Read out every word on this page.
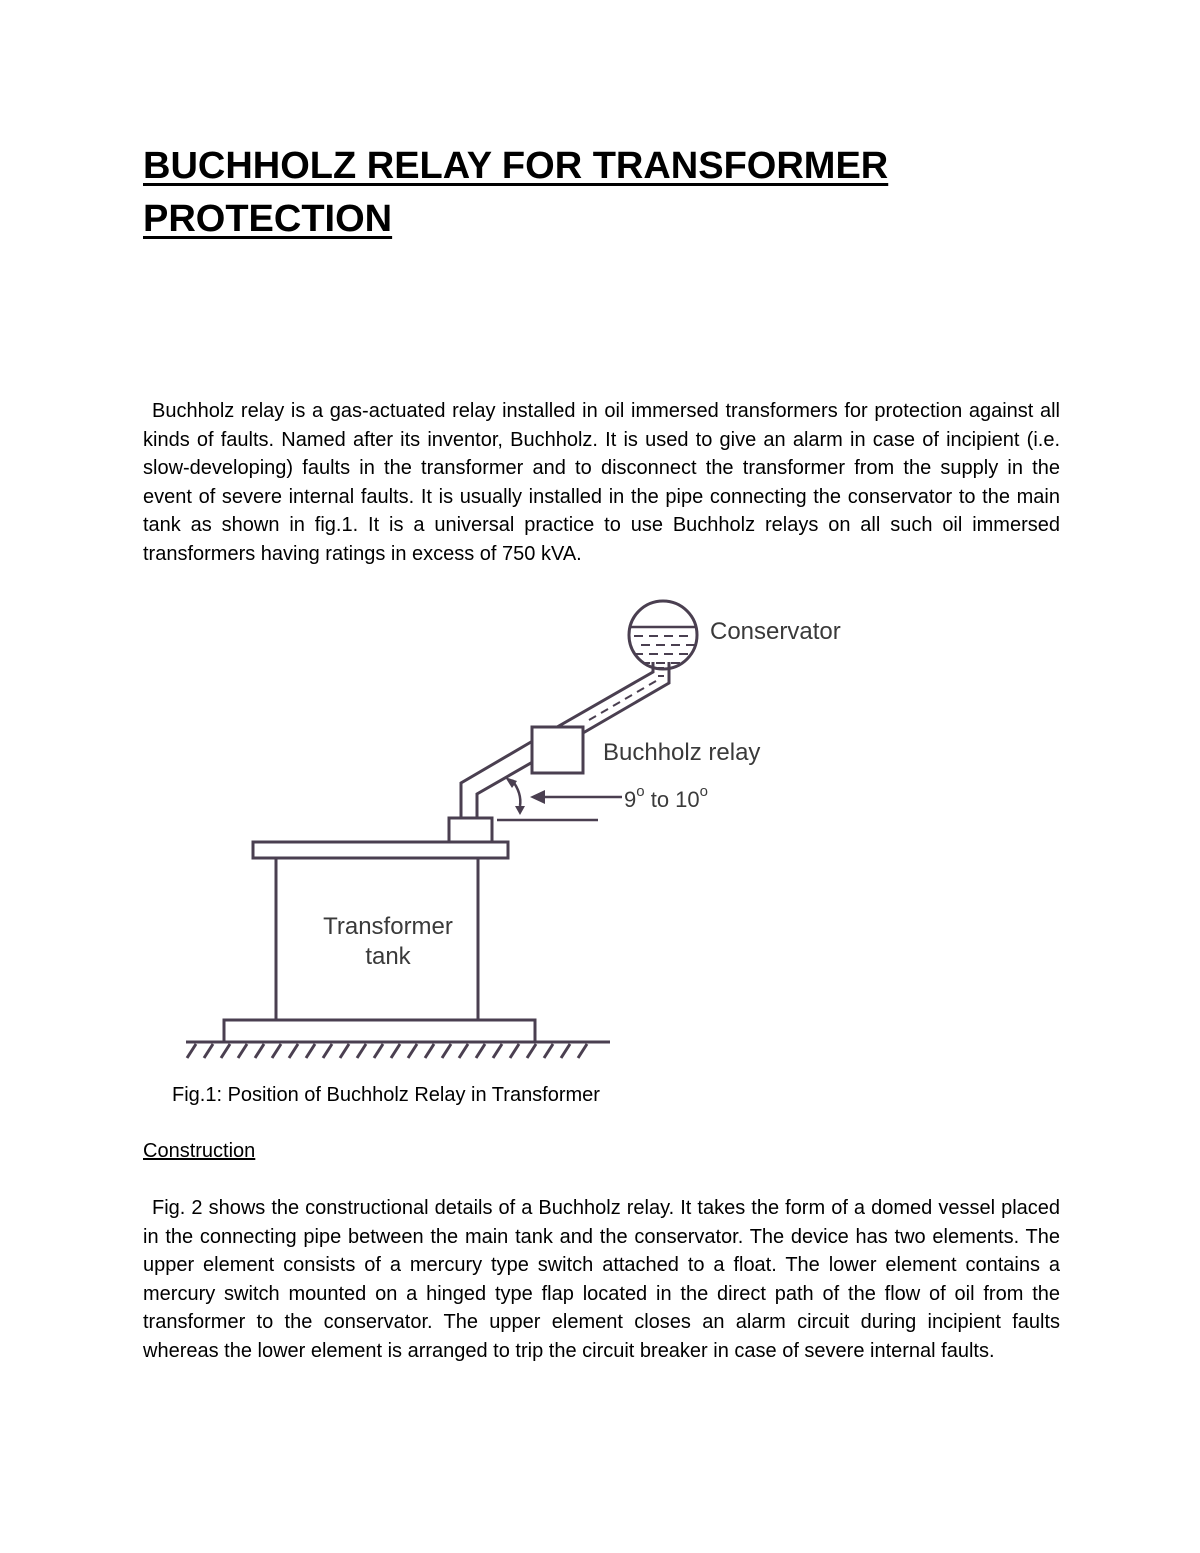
BUCHHOLZ RELAY FOR TRANSFORMER PROTECTION

Buchholz relay is a gas-actuated relay installed in oil immersed transformers for protection against all kinds of faults. Named after its inventor, Buchholz. It is used to give an alarm in case of incipient (i.e. slow-developing) faults in the transformer and to disconnect the transformer from the supply in the event of severe internal faults. It is usually installed in the pipe connecting the conservator to the main tank as shown in fig.1. It is a universal practice to use Buchholz relays on all such oil immersed transformers having ratings in excess of 750 kVA.

Conservator
Buchholz relay
9$^o$ to 10$^o$
Transformer
tank

Fig.1: Position of Buchholz Relay in Transformer

Construction

Fig. 2 shows the constructional details of a Buchholz relay. It takes the form of a domed vessel placed in the connecting pipe between the main tank and the conservator. The device has two elements. The upper element consists of a mercury type switch attached to a float. The lower element contains a mercury switch mounted on a hinged type flap located in the direct path of the flow of oil from the transformer to the conservator. The upper element closes an alarm circuit during incipient faults whereas the lower element is arranged to trip the circuit breaker in case of severe internal faults.
